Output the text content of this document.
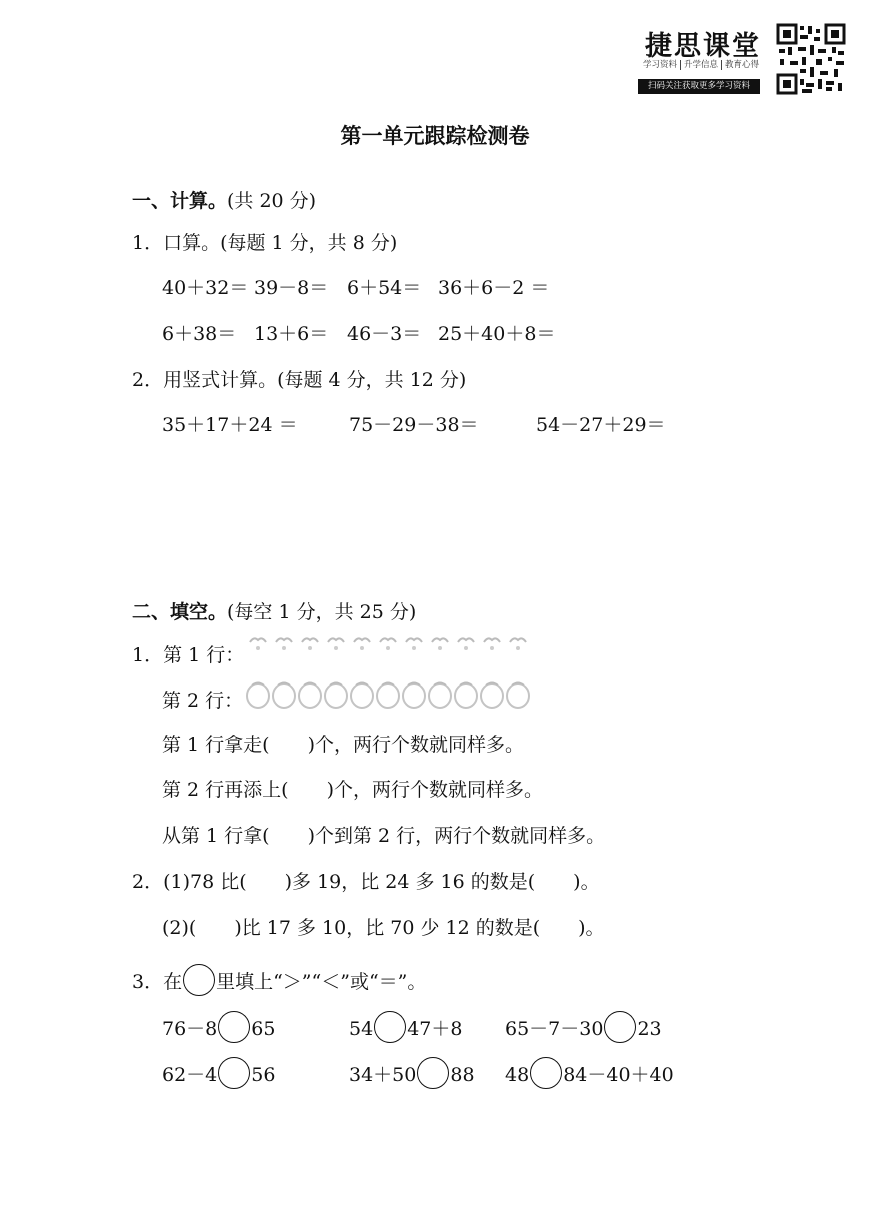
捷思课堂
学习资料 升学信息 教育心得
扫码关注获取更多学习资料
第一单元跟踪检测卷
一、计算。(共 20 分)
1．口算。(每题 1 分，共 8 分)
40＋32＝ 39－8＝ 6＋54＝ 36＋6－2 ＝
6＋38＝ 13＋6＝ 46－3＝ 25＋40＋8＝
2．用竖式计算。(每题 4 分，共 12 分)
35＋17＋24 ＝	75－29－38＝	54－27＋29＝
二、填空。(每空 1 分，共 25 分)
1．第 1 行：
第 2 行：
第 1 行拿走(　　)个，两行个数就同样多。
第 2 行再添上(　　)个，两行个数就同样多。
从第 1 行拿(　　)个到第 2 行，两行个数就同样多。
2．(1)78 比(　　)多 19，比 24 多 16 的数是(　　)。
(2)(　　)比 17 多 10，比 70 少 12 的数是(　　)。
3．在 里填上“＞”“＜”或“＝”。
76－8 65	54 47＋8 65－7－30 23
62－4 56	34＋50 88 48 84－40＋40
